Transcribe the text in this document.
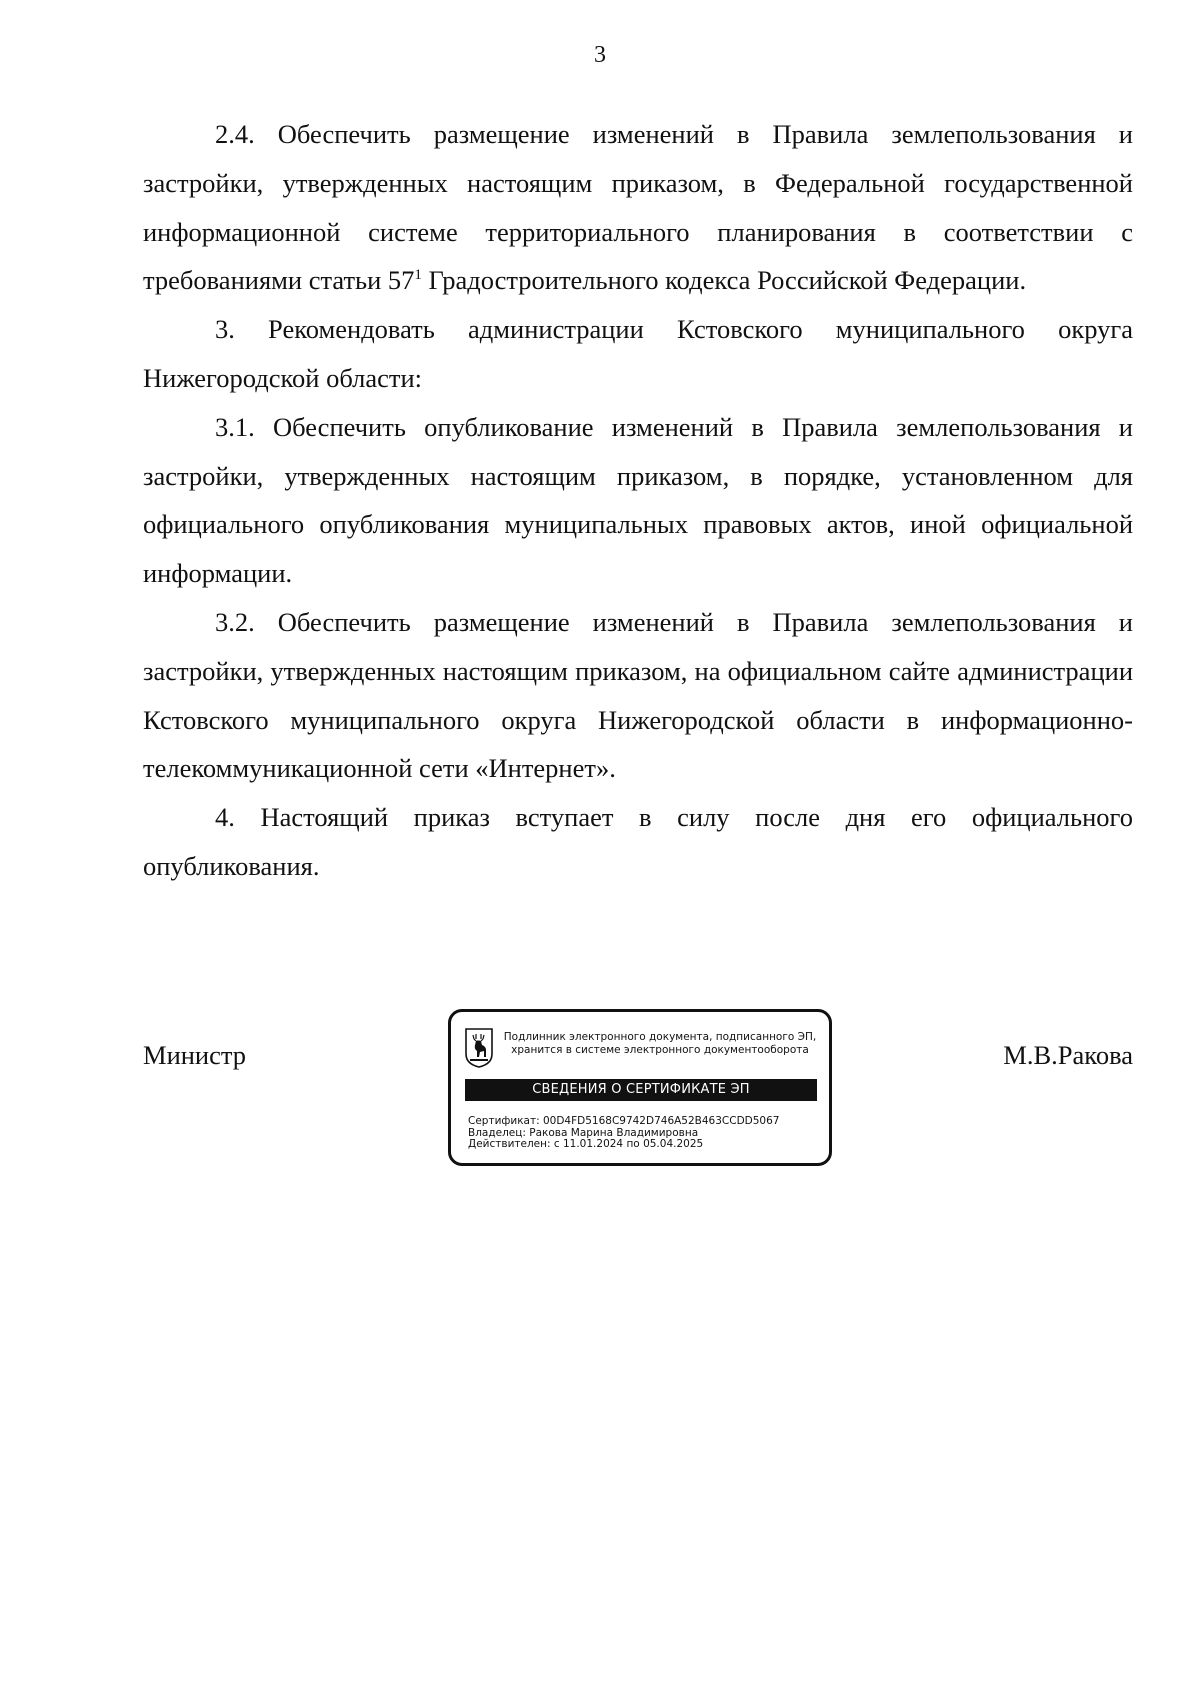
3

2.4. Обеспечить размещение изменений в Правила землепользования и застройки, утвержденных настоящим приказом, в Федеральной государственной информационной системе территориального планирования в соответствии с требованиями статьи $57^1$ Градостроительного кодекса Российской Федерации.

3. Рекомендовать администрации Кстовского муниципального округа Нижегородской области:

3.1. Обеспечить опубликование изменений в Правила землепользования и застройки, утвержденных настоящим приказом, в порядке, установленном для официального опубликования муниципальных правовых актов, иной официальной информации.

3.2. Обеспечить размещение изменений в Правила землепользования и застройки, утвержденных настоящим приказом, на официальном сайте администрации Кстовского муниципального округа Нижегородской области в информационно-телекоммуникационной сети «Интернет».

4. Настоящий приказ вступает в силу после дня его официального опубликования.

Министр	М.В.Ракова
Подлинник электронного документа, подписанного ЭП, хранится в системе электронного документооборота
СВЕДЕНИЯ О СЕРТИФИКАТЕ ЭП
Сертификат: 00D4FD5168C9742D746A52B463CCDD5067
Владелец: Ракова Марина Владимировна
Действителен: с 11.01.2024 по 05.04.2025
